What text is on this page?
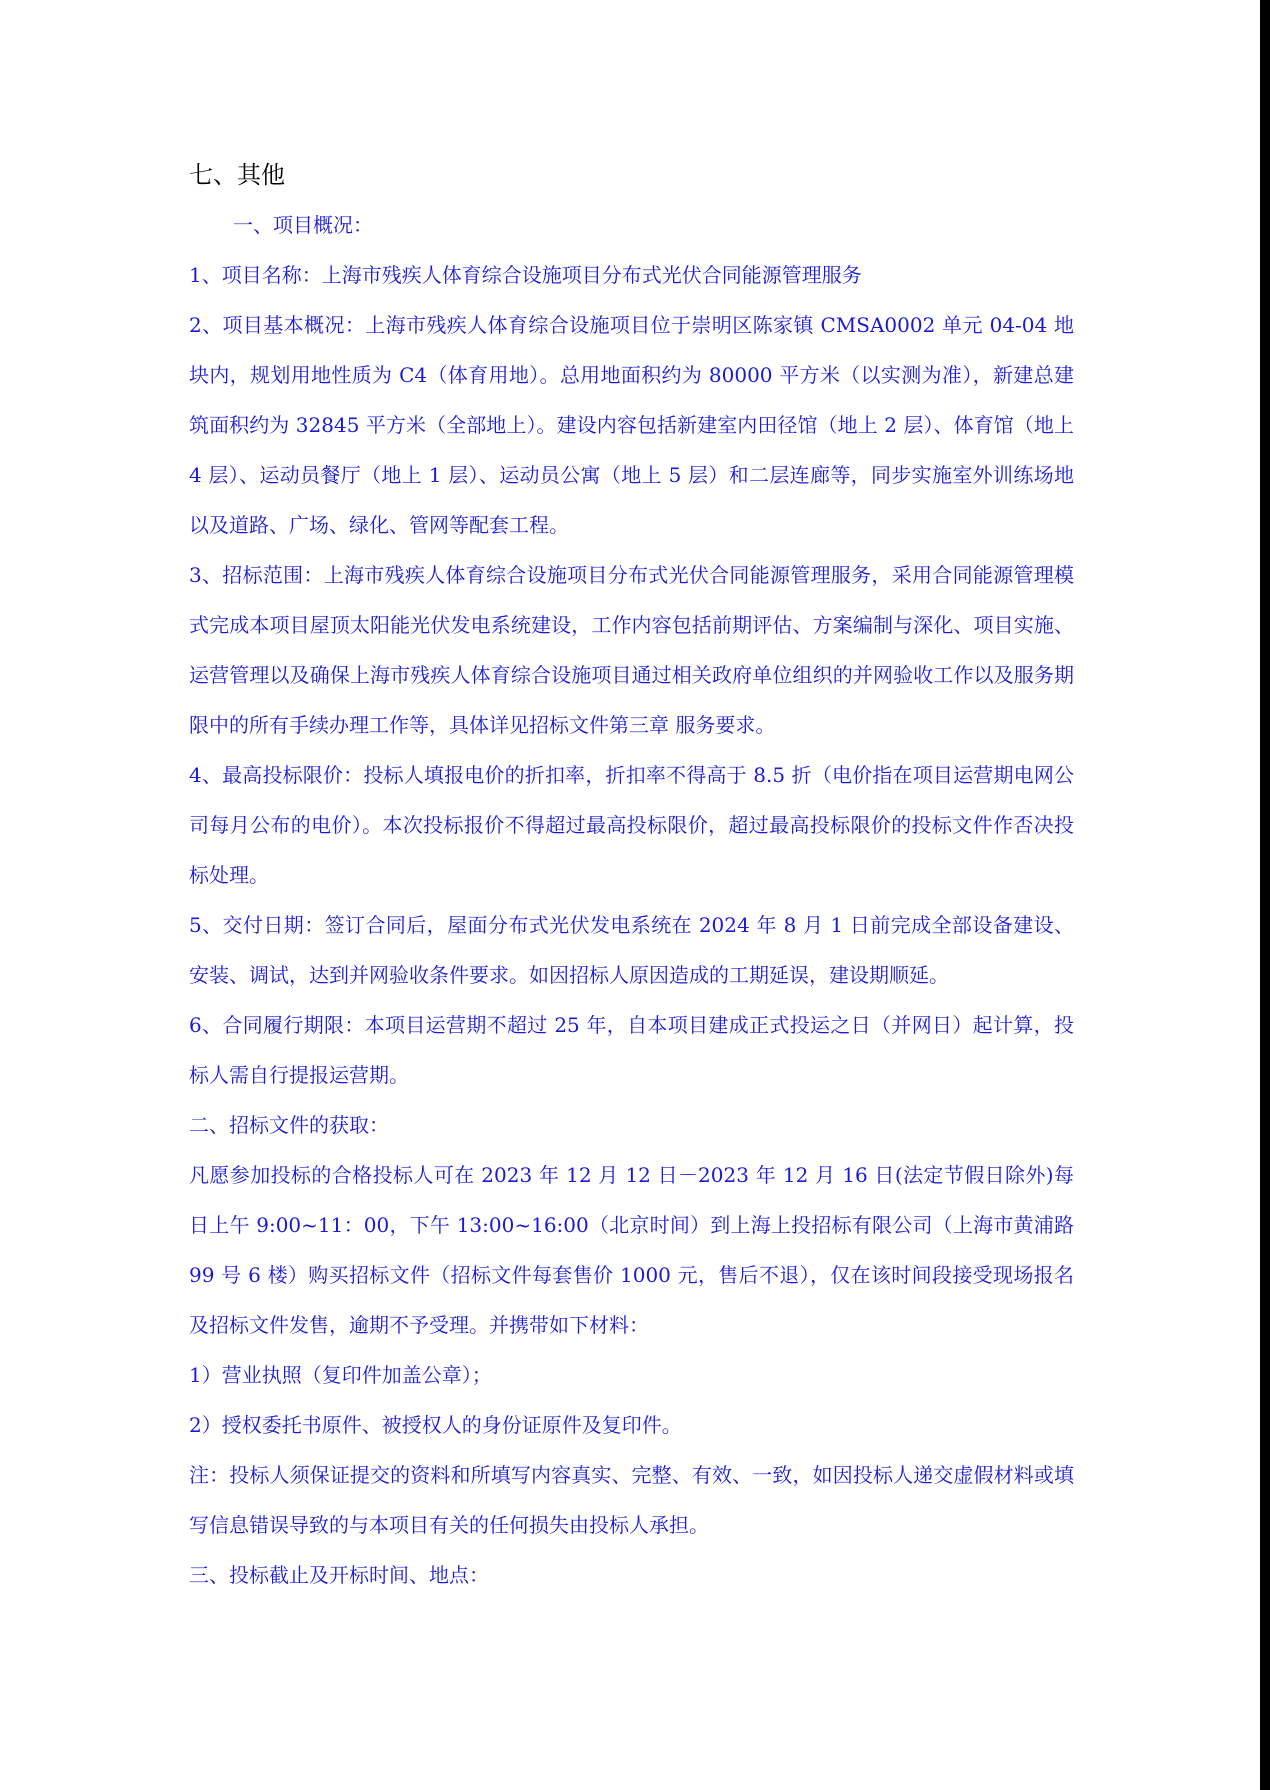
七、其他
一、项目概况：
1、项目名称：上海市残疾人体育综合设施项目分布式光伏合同能源管理服务
2、项目基本概况：上海市残疾人体育综合设施项目位于崇明区陈家镇 CMSA0002 单元 04-04 地块内，规划用地性质为 C4（体育用地）。总用地面积约为 80000 平方米（以实测为准），新建总建筑面积约为 32845 平方米（全部地上）。建设内容包括新建室内田径馆（地上 2 层）、体育馆（地上 4 层）、运动员餐厅（地上 1 层）、运动员公寓（地上 5 层）和二层连廊等，同步实施室外训练场地以及道路、广场、绿化、管网等配套工程。
3、招标范围：上海市残疾人体育综合设施项目分布式光伏合同能源管理服务，采用合同能源管理模式完成本项目屋顶太阳能光伏发电系统建设，工作内容包括前期评估、方案编制与深化、项目实施、运营管理以及确保上海市残疾人体育综合设施项目通过相关政府单位组织的并网验收工作以及服务期限中的所有手续办理工作等，具体详见招标文件第三章 服务要求。
4、最高投标限价：投标人填报电价的折扣率，折扣率不得高于 8.5 折（电价指在项目运营期电网公司每月公布的电价）。本次投标报价不得超过最高投标限价，超过最高投标限价的投标文件作否决投标处理。
5、交付日期：签订合同后，屋面分布式光伏发电系统在 2024 年 8 月 1 日前完成全部设备建设、安装、调试，达到并网验收条件要求。如因招标人原因造成的工期延误，建设期顺延。
6、合同履行期限：本项目运营期不超过 25 年，自本项目建成正式投运之日（并网日）起计算，投标人需自行提报运营期。
二、招标文件的获取：
凡愿参加投标的合格投标人可在 2023 年 12 月 12 日－2023 年 12 月 16 日(法定节假日除外)每日上午 9:00~11：00，下午 13:00~16:00（北京时间）到上海上投招标有限公司（上海市黄浦路 99 号 6 楼）购买招标文件（招标文件每套售价 1000 元，售后不退），仅在该时间段接受现场报名及招标文件发售，逾期不予受理。并携带如下材料：
1）营业执照（复印件加盖公章）；
2）授权委托书原件、被授权人的身份证原件及复印件。
注：投标人须保证提交的资料和所填写内容真实、完整、有效、一致，如因投标人递交虚假材料或填写信息错误导致的与本项目有关的任何损失由投标人承担。
三、投标截止及开标时间、地点：
